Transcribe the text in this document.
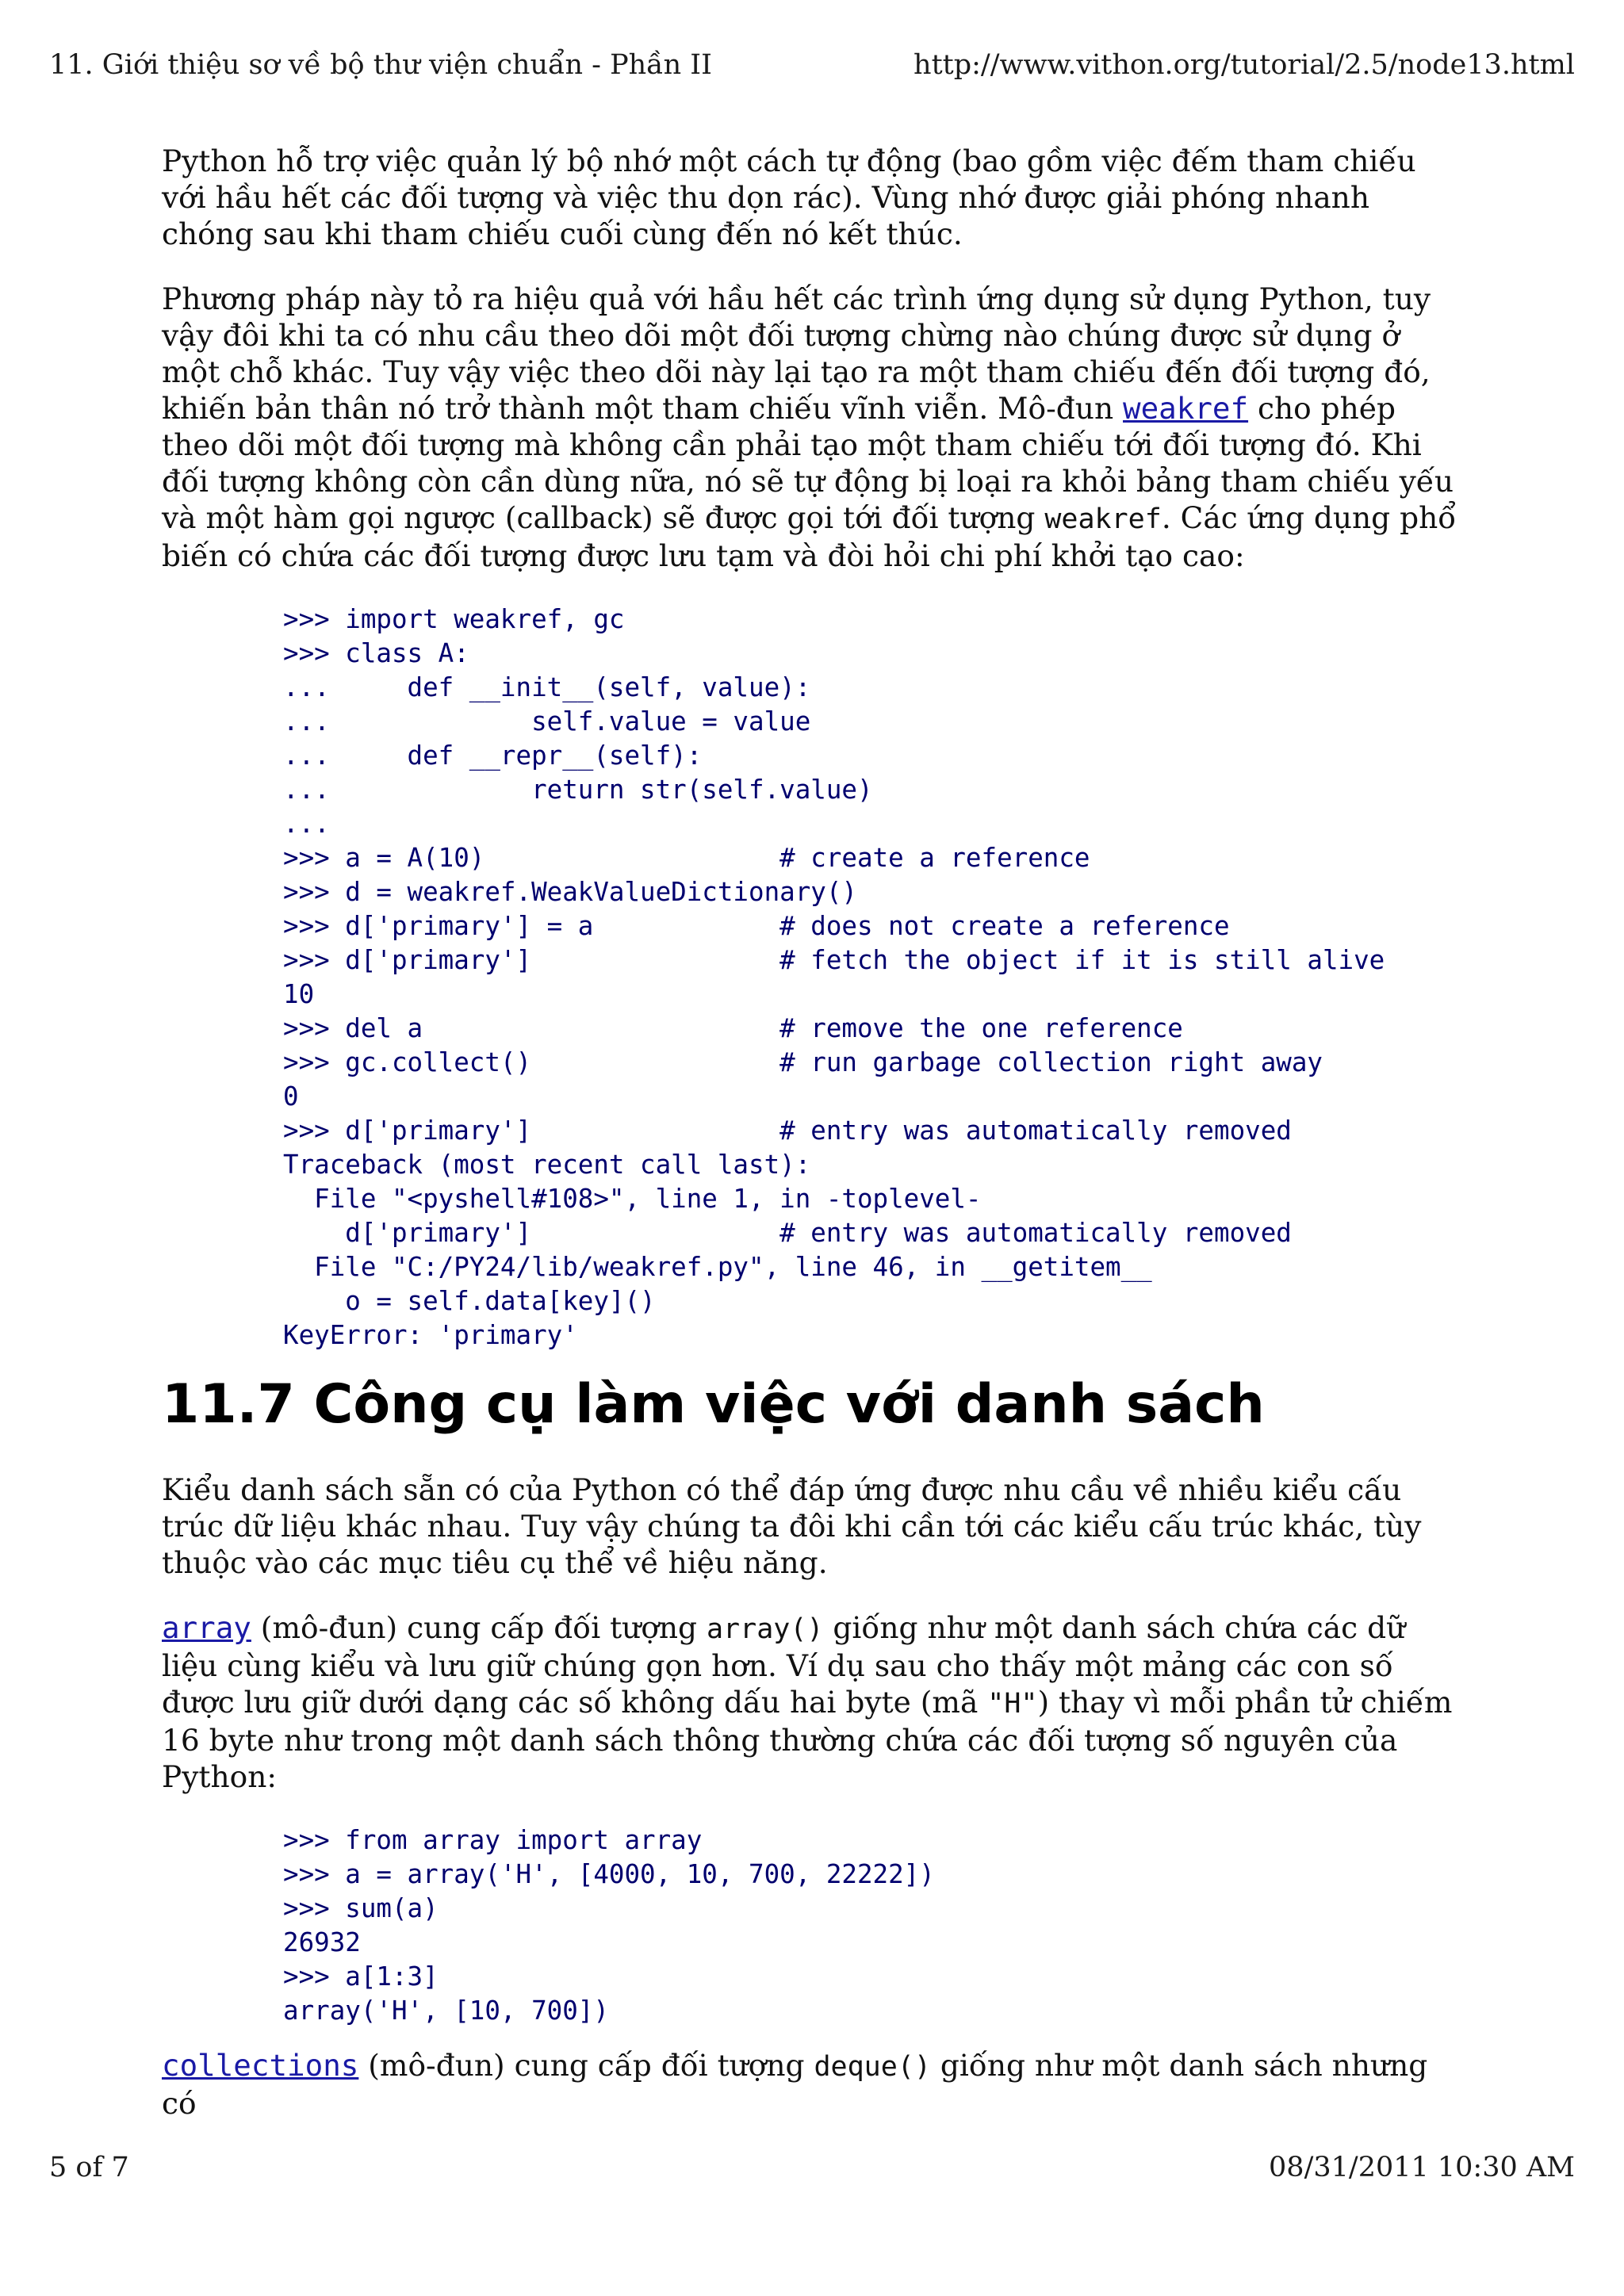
11. Giới thiệu sơ về bộ thư viện chuẩn - Phần II	http://www.vithon.org/tutorial/2.5/node13.html

Python hỗ trợ việc quản lý bộ nhớ một cách tự động (bao gồm việc đếm tham chiếu với hầu hết các đối tượng và việc thu dọn rác). Vùng nhớ được giải phóng nhanh chóng sau khi tham chiếu cuối cùng đến nó kết thúc.

Phương pháp này tỏ ra hiệu quả với hầu hết các trình ứng dụng sử dụng Python, tuy vậy đôi khi ta có nhu cầu theo dõi một đối tượng chừng nào chúng được sử dụng ở một chỗ khác. Tuy vậy việc theo dõi này lại tạo ra một tham chiếu đến đối tượng đó, khiến bản thân nó trở thành một tham chiếu vĩnh viễn. Mô-đun weakref cho phép theo dõi một đối tượng mà không cần phải tạo một tham chiếu tới đối tượng đó. Khi đối tượng không còn cần dùng nữa, nó sẽ tự động bị loại ra khỏi bảng tham chiếu yếu và một hàm gọi ngược (callback) sẽ được gọi tới đối tượng weakref. Các ứng dụng phổ biến có chứa các đối tượng được lưu tạm và đòi hỏi chi phí khởi tạo cao:

>>> import weakref, gc
>>> class A:
...     def __init__(self, value):
...             self.value = value
...     def __repr__(self):
...             return str(self.value)
...
>>> a = A(10)                   # create a reference
>>> d = weakref.WeakValueDictionary()
>>> d['primary'] = a            # does not create a reference
>>> d['primary']                # fetch the object if it is still alive
10
>>> del a                       # remove the one reference
>>> gc.collect()                # run garbage collection right away
0
>>> d['primary']                # entry was automatically removed
Traceback (most recent call last):
File "<pyshell#108>", line 1, in -toplevel-
d['primary']                # entry was automatically removed
File "C:/PY24/lib/weakref.py", line 46, in __getitem__
o = self.data[key]()
KeyError: 'primary'
11.7 Công cụ làm việc với danh sách

Kiểu danh sách sẵn có của Python có thể đáp ứng được nhu cầu về nhiều kiểu cấu trúc dữ liệu khác nhau. Tuy vậy chúng ta đôi khi cần tới các kiểu cấu trúc khác, tùy thuộc vào các mục tiêu cụ thể về hiệu năng.

array (mô-đun) cung cấp đối tượng array() giống như một danh sách chứa các dữ liệu cùng kiểu và lưu giữ chúng gọn hơn. Ví dụ sau cho thấy một mảng các con số được lưu giữ dưới dạng các số không dấu hai byte (mã "H") thay vì mỗi phần tử chiếm 16 byte như trong một danh sách thông thường chứa các đối tượng số nguyên của Python:

>>> from array import array
>>> a = array('H', [4000, 10, 700, 22222])
>>> sum(a)
26932
>>> a[1:3]
array('H', [10, 700])

collections (mô-đun) cung cấp đối tượng deque() giống như một danh sách nhưng có

5 of 7	08/31/2011 10:30 AM
